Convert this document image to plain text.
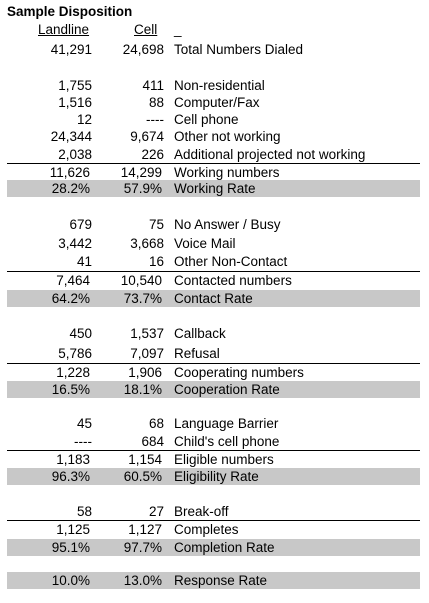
Sample Disposition
Landline	Cell _
41,291 24,698 Total Numbers Dialed
1,755	411 Non-residential
1,516	88 Computer/Fax
12	---- Cell phone
24,344	9,674 Other not working
2,038	226 Additional projected not working
11,626 14,299 Working numbers
28.2% 57.9% Working Rate
679	75 No Answer / Busy
3,442	3,668 Voice Mail
41	16 Other Non-Contact
7,464 10,540 Contacted numbers
64.2% 73.7% Contact Rate
450	1,537 Callback
5,786	7,097 Refusal
1,228	1,906 Cooperating numbers
16.5% 18.1% Cooperation Rate
45	68 Language Barrier
----	684 Child's cell phone
1,183	1,154 Eligible numbers
96.3% 60.5% Eligibility Rate
58	27 Break-off
1,125	1,127 Completes
95.1% 97.7% Completion Rate
10.0% 13.0% Response Rate
